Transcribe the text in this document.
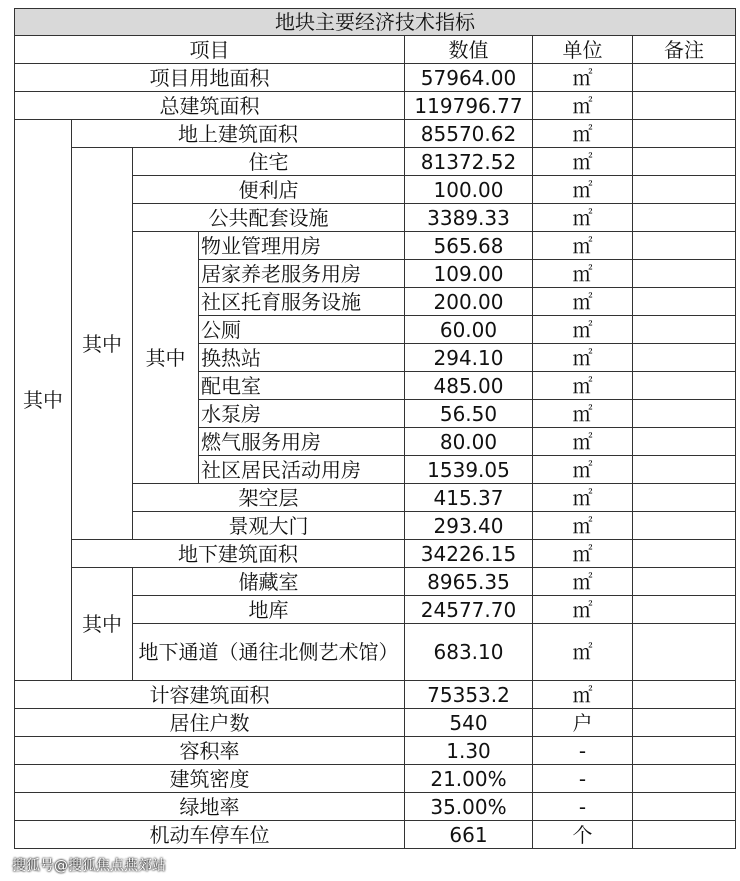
地块主要经济技术指标						
项目				数值	单位	备注
项目用地面积				57964.00	㎡	
总建筑面积				119796.77	㎡	
其中	地上建筑面积			85570.62	㎡	
	其中	住宅		81372.52	㎡	
		便利店		100.00	㎡	
		公共配套设施		3389.33	㎡	
		其中	物业管理用房	565.68	㎡	
			居家养老服务用房	109.00	㎡	
			社区托育服务设施	200.00	㎡	
			公厕	60.00	㎡	
			换热站	294.10	㎡	
			配电室	485.00	㎡	
			水泵房	56.50	㎡	
			燃气服务用房	80.00	㎡	
			社区居民活动用房	1539.05	㎡	
		架空层		415.37	㎡	
		景观大门		293.40	㎡	
	地下建筑面积			34226.15	㎡	
	其中	储藏室		8965.35	㎡	
		地库		24577.70	㎡	
		地下通道（通往北侧艺术馆）		683.10	㎡	
计容建筑面积				75353.2	㎡	
居住户数				540	户	
容积率				1.30	-	
建筑密度				21.00%	-	
绿地率				35.00%	-	
机动车停车位				661	个	
搜狐号@搜狐焦点燕郊站
